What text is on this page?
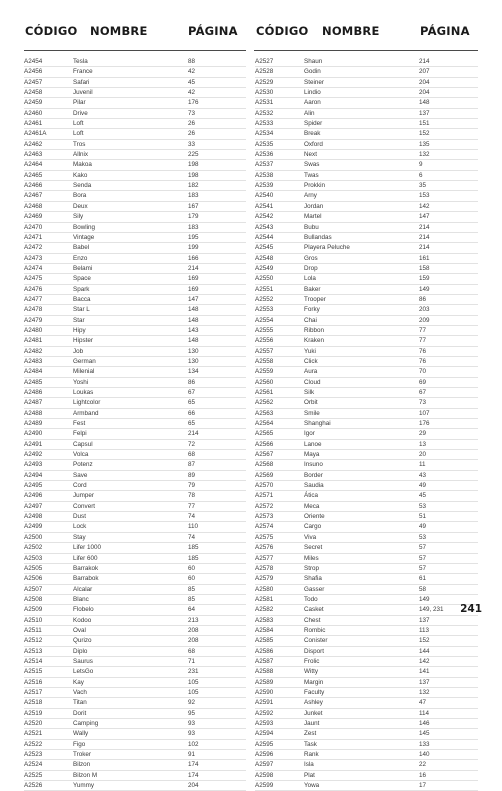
CÓDIGO NOMBRE	PÁGINA CÓDIGO NOMBRE	PÁGINA
A2454	Tesla	88
A2456	France	42
A2457	Safari	45
A2458	Juvenil	42
A2459	Pilar	176
A2460	Drive	73
A2461	Loft	26
A2461A	Loft	26
A2462	Tros	33
A2463	Allnix	225
A2464	Makoa	198
A2465	Kako	198
A2466	Senda	182
A2467	Bora	183
A2468	Deux	167
A2469	Sily	179
A2470	Bowling	183
A2471	Vintage	195
A2472	Babel	199
A2473	Enzo	166
A2474	Belami	214
A2475	Space	169
A2476	Spark	169
A2477	Bacca	147
A2478	Star L	148
A2479	Star	148
A2480	Hipy	143
A2481	Hipster	148
A2482	Job	130
A2483	German	130
A2484	Milenial	134
A2485	Yoshi	86
A2486	Loukas	67
A2487	Lightcolor	65
A2488	Armband	66
A2489	Fest	65
A2490	Felpi	214
A2491	Capsul	72
A2492	Volca	68
A2493	Potenz	87
A2494	Save	89
A2495	Cord	79
A2496	Jumper	78
A2497	Convert	77
A2498	Dust	74
A2499	Lock	110
A2500	Stay	74
A2502	Lifer 1000	185
A2503	Lifer 600	185
A2505	Barrakok	60
A2506	Barrabok	60
A2507	Alcalar	85
A2508	Blanc	85
A2509	Flobelo	64
A2510	Kodoo	213
A2511	Oval	208
A2512	Qurizo	208
A2513	Diplo	68
A2514	Saurus	71
A2515	LetsGo	231
A2516	Kay	105
A2517	Vach	105
A2518	Titan	92
A2519	Dorit	95
A2520	Camping	93
A2521	Wally	93
A2522	Figo	102
A2523	Troker	91
A2524	Bilzon	174
A2525	Bilzon M	174
A2526	Yummy	204
A2527	Shaun	214
A2528	Godin	207
A2529	Steiner	204
A2530	Lindio	204
A2531	Aaron	148
A2532	Alin	137
A2533	Spider	151
A2534	Break	152
A2535	Oxford	135
A2536	Next	132
A2537	Swas	9
A2538	Twas	6
A2539	Prokkin	35
A2540	Arny	153
A2541	Jordan	142
A2542	Martel	147
A2543	Bubu	214
A2544	Bullandas	214
A2545	Playera Peluche	214
A2548	Gros	161
A2549	Drop	158
A2550	Lola	159
A2551	Baker	149
A2552	Trooper	86
A2553	Forky	203
A2554	Chai	209
A2555	Ribbon	77
A2556	Kraken	77
A2557	Yuki	76
A2558	Click	76
A2559	Aura	70
A2560	Cloud	69
A2561	Silk	67
A2562	Orbit	73
A2563	Smile	107
A2564	Shanghai	176
A2565	Igor	29
A2566	Lanoe	13
A2567	Maya	20
A2568	Insuno	11
A2569	Border	43
A2570	Saudia	49
A2571	Ática	45
A2572	Meca	53
A2573	Oriente	51
A2574	Cargo	49
A2575	Viva	53
A2576	Secret	57
A2577	Miles	57
A2578	Strop	57
A2579	Shafia	61
A2580	Gasser	58
A2581	Todo	149
A2582	Casket	149, 231
A2583	Chest	137
A2584	Rombic	113
A2585	Conister	152
A2586	Disport	144
A2587	Frolic	142
A2588	Witty	141
A2589	Margin	137
A2590	Faculty	132
A2591	Ashley	47
A2592	Junket	114
A2593	Jaunt	146
A2594	Zest	145
A2595	Task	133
A2596	Rank	140
A2597	Isla	22
A2598	Plat	16
A2599	Yowa	17
241
